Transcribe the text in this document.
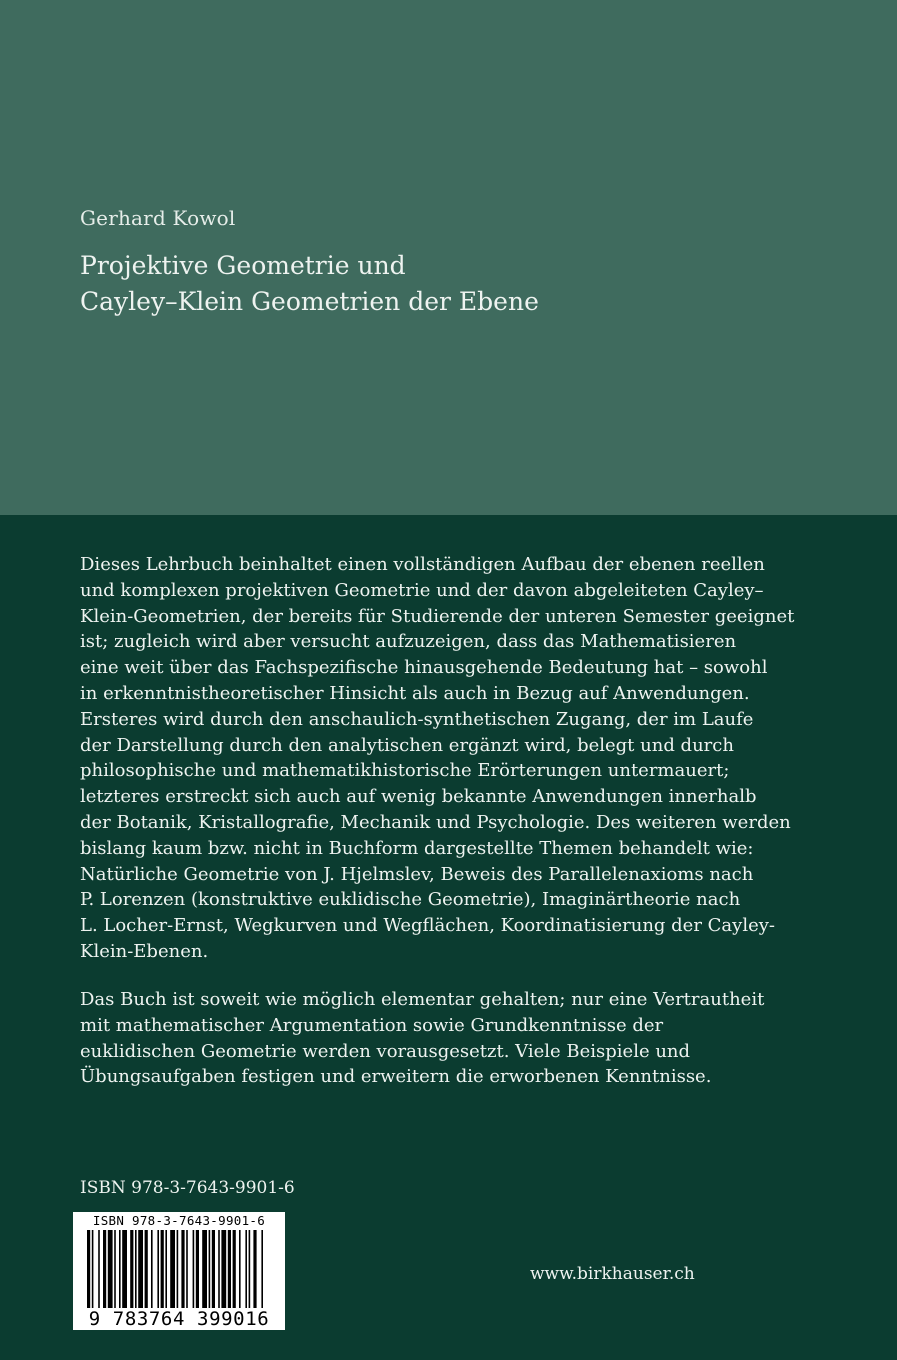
Gerhard Kowol
Projektive Geometrie und
Cayley–Klein Geometrien der Ebene
Dieses Lehrbuch beinhaltet einen vollständigen Aufbau der ebenen reellen
und komplexen projektiven Geometrie und der davon abgeleiteten Cayley–
Klein-Geometrien, der bereits für Studierende der unteren Semester geeignet
ist; zugleich wird aber versucht aufzuzeigen, dass das Mathematisieren
eine weit über das Fachspezifische hinausgehende Bedeutung hat – sowohl
in erkenntnistheoretischer Hinsicht als auch in Bezug auf Anwendungen.
Ersteres wird durch den anschaulich-synthetischen Zugang, der im Laufe
der Darstellung durch den analytischen ergänzt wird, belegt und durch
philosophische und mathematikhistorische Erörterungen untermauert;
letzteres erstreckt sich auch auf wenig bekannte Anwendungen innerhalb
der Botanik, Kristallografie, Mechanik und Psychologie. Des weiteren werden
bislang kaum bzw. nicht in Buchform dargestellte Themen behandelt wie:
Natürliche Geometrie von J. Hjelmslev, Beweis des Parallelenaxioms nach
P. Lorenzen (konstruktive euklidische Geometrie), Imaginärtheorie nach
L. Locher-Ernst, Wegkurven und Wegflächen, Koordinatisierung der Cayley-
Klein-Ebenen.
Das Buch ist soweit wie möglich elementar gehalten; nur eine Vertrautheit
mit mathematischer Argumentation sowie Grundkenntnisse der
euklidischen Geometrie werden vorausgesetzt. Viele Beispiele und
Übungsaufgaben festigen und erweitern die erworbenen Kenntnisse.
ISBN 978-3-7643-9901-6
ISBN 978-3-7643-9901-6
9 783764 399016
www.birkhauser.ch
